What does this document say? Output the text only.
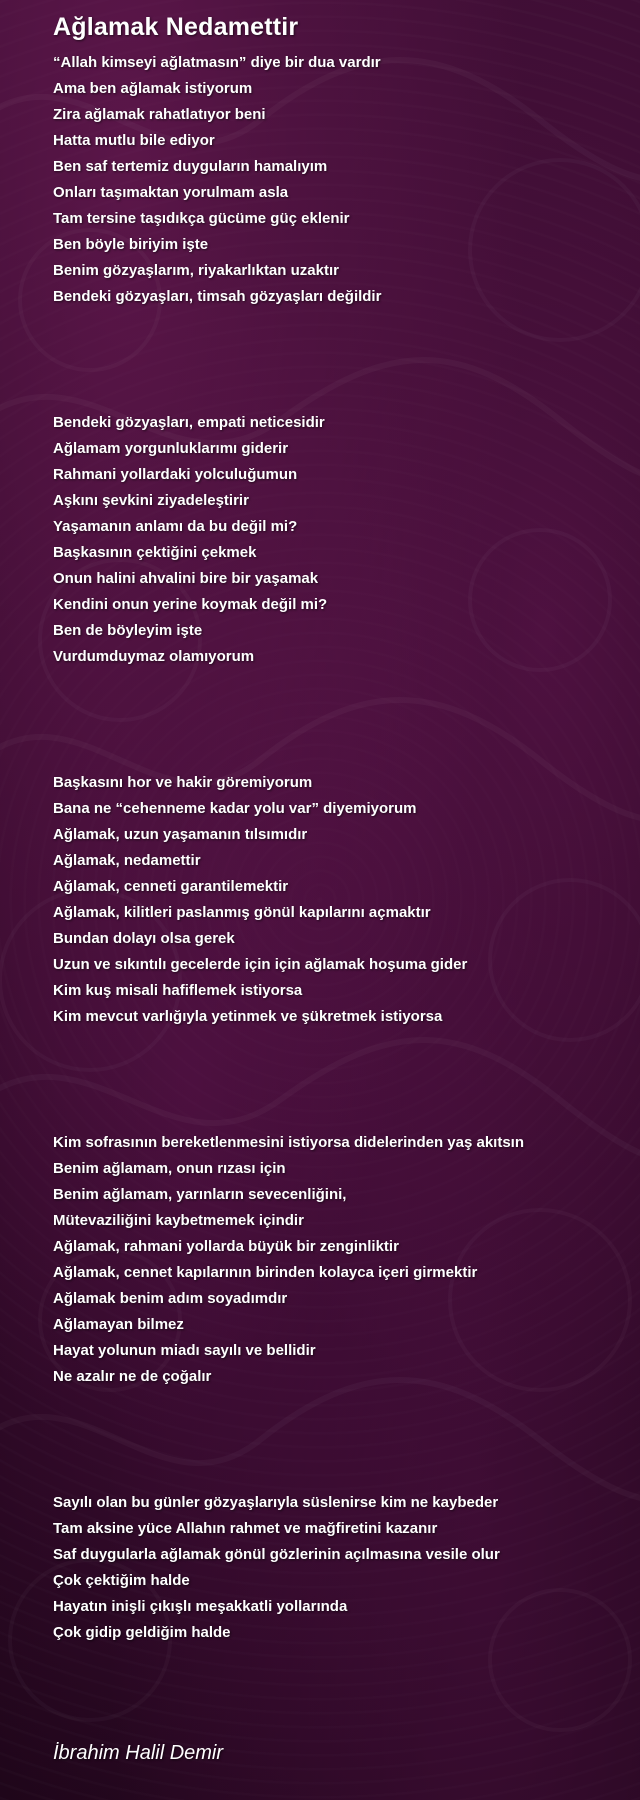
Ağlamak Nedamettir
“Allah kimseyi ağlatmasın” diye bir dua vardır
Ama ben ağlamak istiyorum
Zira ağlamak rahatlatıyor beni
Hatta mutlu bile ediyor
Ben saf tertemiz duyguların hamalıyım
Onları taşımaktan yorulmam asla
Tam tersine taşıdıkça gücüme güç eklenir
Ben böyle biriyim işte
Benim gözyaşlarım, riyakarlıktan uzaktır
Bendeki gözyaşları, timsah gözyaşları değildir
Bendeki gözyaşları, empati neticesidir
Ağlamam yorgunluklarımı giderir
Rahmani yollardaki yolculuğumun
Aşkını şevkini ziyadeleştirir
Yaşamanın anlamı da bu değil mi?
Başkasının çektiğini çekmek
Onun halini ahvalini bire bir yaşamak
Kendini onun yerine koymak değil mi?
Ben de böyleyim işte
Vurdumduymaz olamıyorum
Başkasını hor ve hakir göremiyorum
Bana ne “cehenneme kadar yolu var” diyemiyorum
Ağlamak, uzun yaşamanın tılsımıdır
Ağlamak, nedamettir
Ağlamak, cenneti garantilemektir
Ağlamak, kilitleri paslanmış gönül kapılarını açmaktır
Bundan dolayı olsa gerek
Uzun ve sıkıntılı gecelerde için için ağlamak hoşuma gider
Kim kuş misali hafiflemek istiyorsa
Kim mevcut varlığıyla yetinmek ve şükretmek istiyorsa
Kim sofrasının bereketlenmesini istiyorsa didelerinden yaş akıtsın
Benim ağlamam, onun rızası için
Benim ağlamam, yarınların sevecenliğini,
Mütevaziliğini kaybetmemek içindir
Ağlamak, rahmani yollarda büyük bir zenginliktir
Ağlamak, cennet kapılarının birinden kolayca içeri girmektir
Ağlamak benim adım soyadımdır
Ağlamayan bilmez
Hayat yolunun miadı sayılı ve bellidir
Ne azalır ne de çoğalır
Sayılı olan bu günler gözyaşlarıyla süslenirse kim ne kaybeder
Tam aksine yüce Allahın rahmet ve mağfiretini kazanır
Saf duygularla ağlamak gönül gözlerinin açılmasına vesile olur
Çok çektiğim halde
Hayatın inişli çıkışlı meşakkatli yollarında
Çok gidip geldiğim halde
İbrahim Halil Demir
